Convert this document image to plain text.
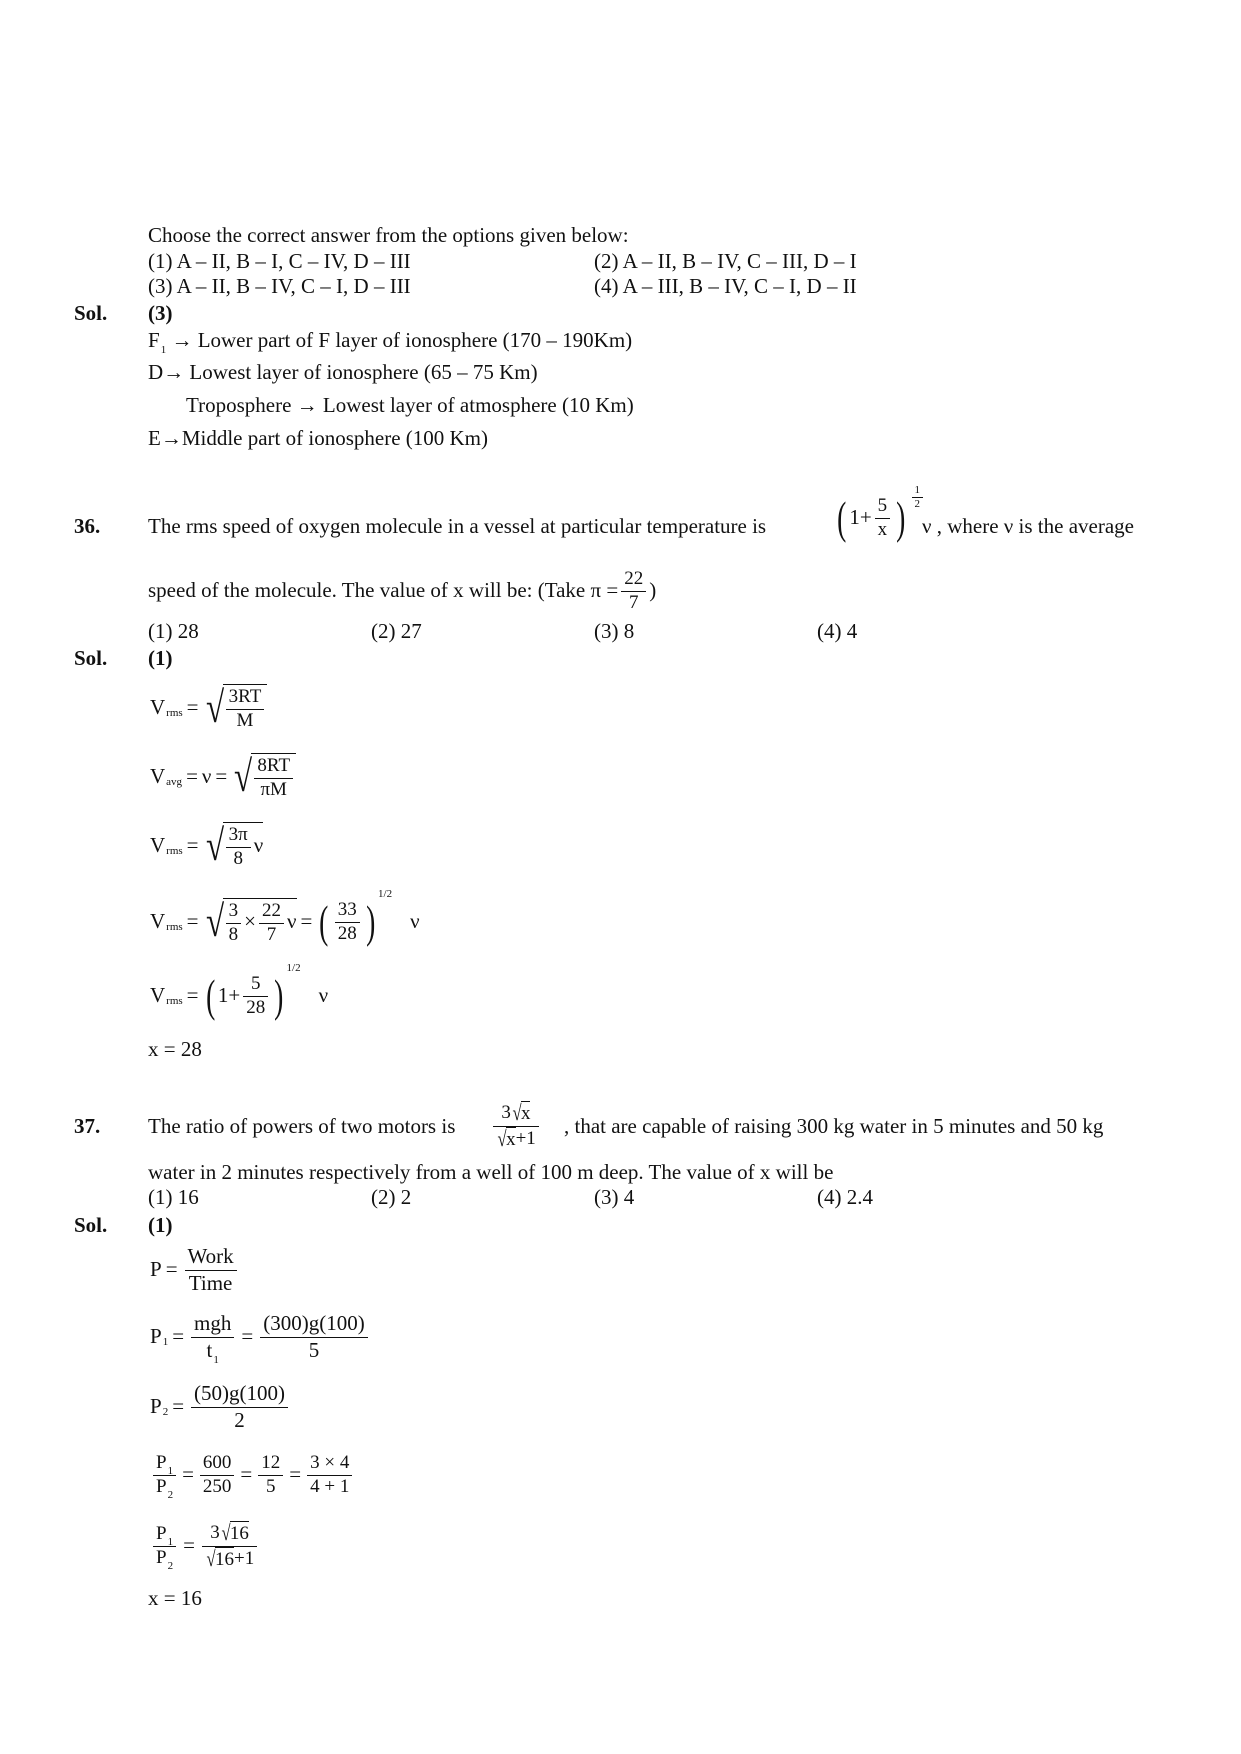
Choose the correct answer from the options given below:
(1) A – II, B – I, C – IV, D – III	(2) A – II, B – IV, C – III, D – I
(3) A – II, B – IV, C – I, D – III	(4) A – III, B – IV, C – I, D – II
Sol. (3)
$F_1$ → Lower part of F layer of ionosphere (170 – 190Km)
D→ Lowest layer of ionosphere (65 – 75 Km)
Troposphere → Lowest layer of atmosphere (10 Km)
E→Middle part of ionosphere (100 Km)
36. The rms speed of oxygen molecule in a vessel at particular temperature is ( $1 + \frac{5}{x}$ ) $\frac{1}{2}$
ν , where ν is the average
speed of the molecule. The value of x will be: (Take $\pi = \frac{22}{7}$ )
(1) 28	(2) 27	(3) 8	(4) 4
Sol. (1)
V rms = √ $\frac{3RT}{M}$
V avg = ν = √ $\frac{8RT}{\pi M}$
V rms = √ $\frac{3\pi}{8}$ ν
V rms = √ $\frac{3}{8} \times \frac{22}{7}$ ν = ( $\frac{33}{28}$ )
1/2
ν
V rms = ( $1 + \frac{5}{28}$ )
1/2
ν
x = 28
37. The ratio of powers of two motors is $\frac{3√x}{√x+1}$ , that are capable of raising 300 kg water in 5 minutes and 50 kg
water in 2 minutes respectively from a well of 100 m deep. The value of x will be
(1) 16	(2) 2	(3) 4	(4) 2.4
Sol. (1)
$P = \frac{\text{Work}}{\text{Time}}$
P $1 = \frac{\text{mgh}}{t_1} = \frac{(300)g(100)}{5}$
P $2 = \frac{(50)g(100)}{2}$
$\frac{P_1}{P_2} = \frac{600}{250} = \frac{12}{5} = \frac{3 \times 4}{4 + 1}$
$\frac{P_1}{P_2} = \frac{3√16}{√16+1}$
x = 16
